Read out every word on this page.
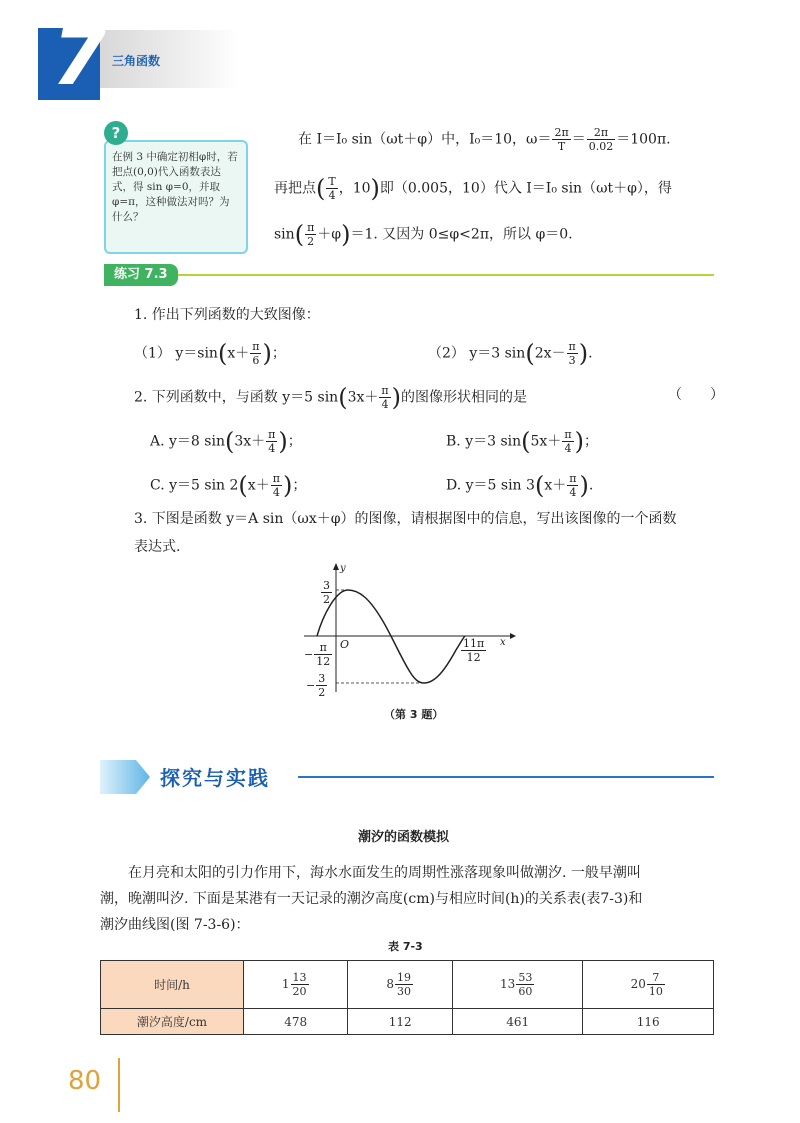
7 三角函数
?
在例 3 中确定初相φ时，若把点(0,0)代入函数表达式，得 sin φ=0，并取φ=π，这种做法对吗？为什么？
在 I＝I₀ sin（ωt＋φ）中，I₀＝10，$\omega= \frac{2\pi}{T} = \frac{2\pi}{0.02} =100\pi$.
再把点( $\frac{T}{4}$ ，10)即（0.005，10）代入 I＝I₀ sin（ωt＋φ），得
$\sin( \frac{\pi}{2} +\varphi)=1$. 又因为 0≤φ<2π，所以 φ＝0.
练习 7.3
1. 作出下列函数的大致图像：
（1） $y=\sin(x+ \frac{\pi}{6}$ )；	（2） y＝3 $\sin(2x- \frac{\pi}{3}$ ).
2. 下列函数中，与函数 y＝5 $\sin(3x+ \frac{\pi}{4}$ )的图像形状相同的是	（　　）
A. y＝8 $\sin(3x+ \frac{\pi}{4}$ )；	B. y＝3 $\sin(5x+ \frac{\pi}{4}$ )；
C. y＝5 $\sin 2(x+ \frac{\pi}{4}$ )；	D. y＝5 $\sin 3(x+ \frac{\pi}{4}$ ).
3. 下图是函数 y＝A sin（ωx＋φ）的图像，请根据图中的信息，写出该图像的一个函数
表达式.
y
x
O
$\frac{3}{2}$
− $\frac{3}{2}$
− $\frac{\pi}{12}$	$\frac{11\pi}{12}$
（第 3 题）
探究与实践
潮汐的函数模拟
在月亮和太阳的引力作用下，海水水面发生的周期性涨落现象叫做潮汐. 一般早潮叫
潮，晚潮叫汐. 下面是某港有一天记录的潮汐高度(cm)与相应时间(h)的关系表(表7-3)和
潮汐曲线图(图 7-3-6)：
表 7-3
时间/h	$1 \frac{13}{20}$	$8 \frac{19}{30}$	$13 \frac{53}{60}$	$20 \frac{7}{10}$

潮汐高度/cm	478	112	461	116
80
